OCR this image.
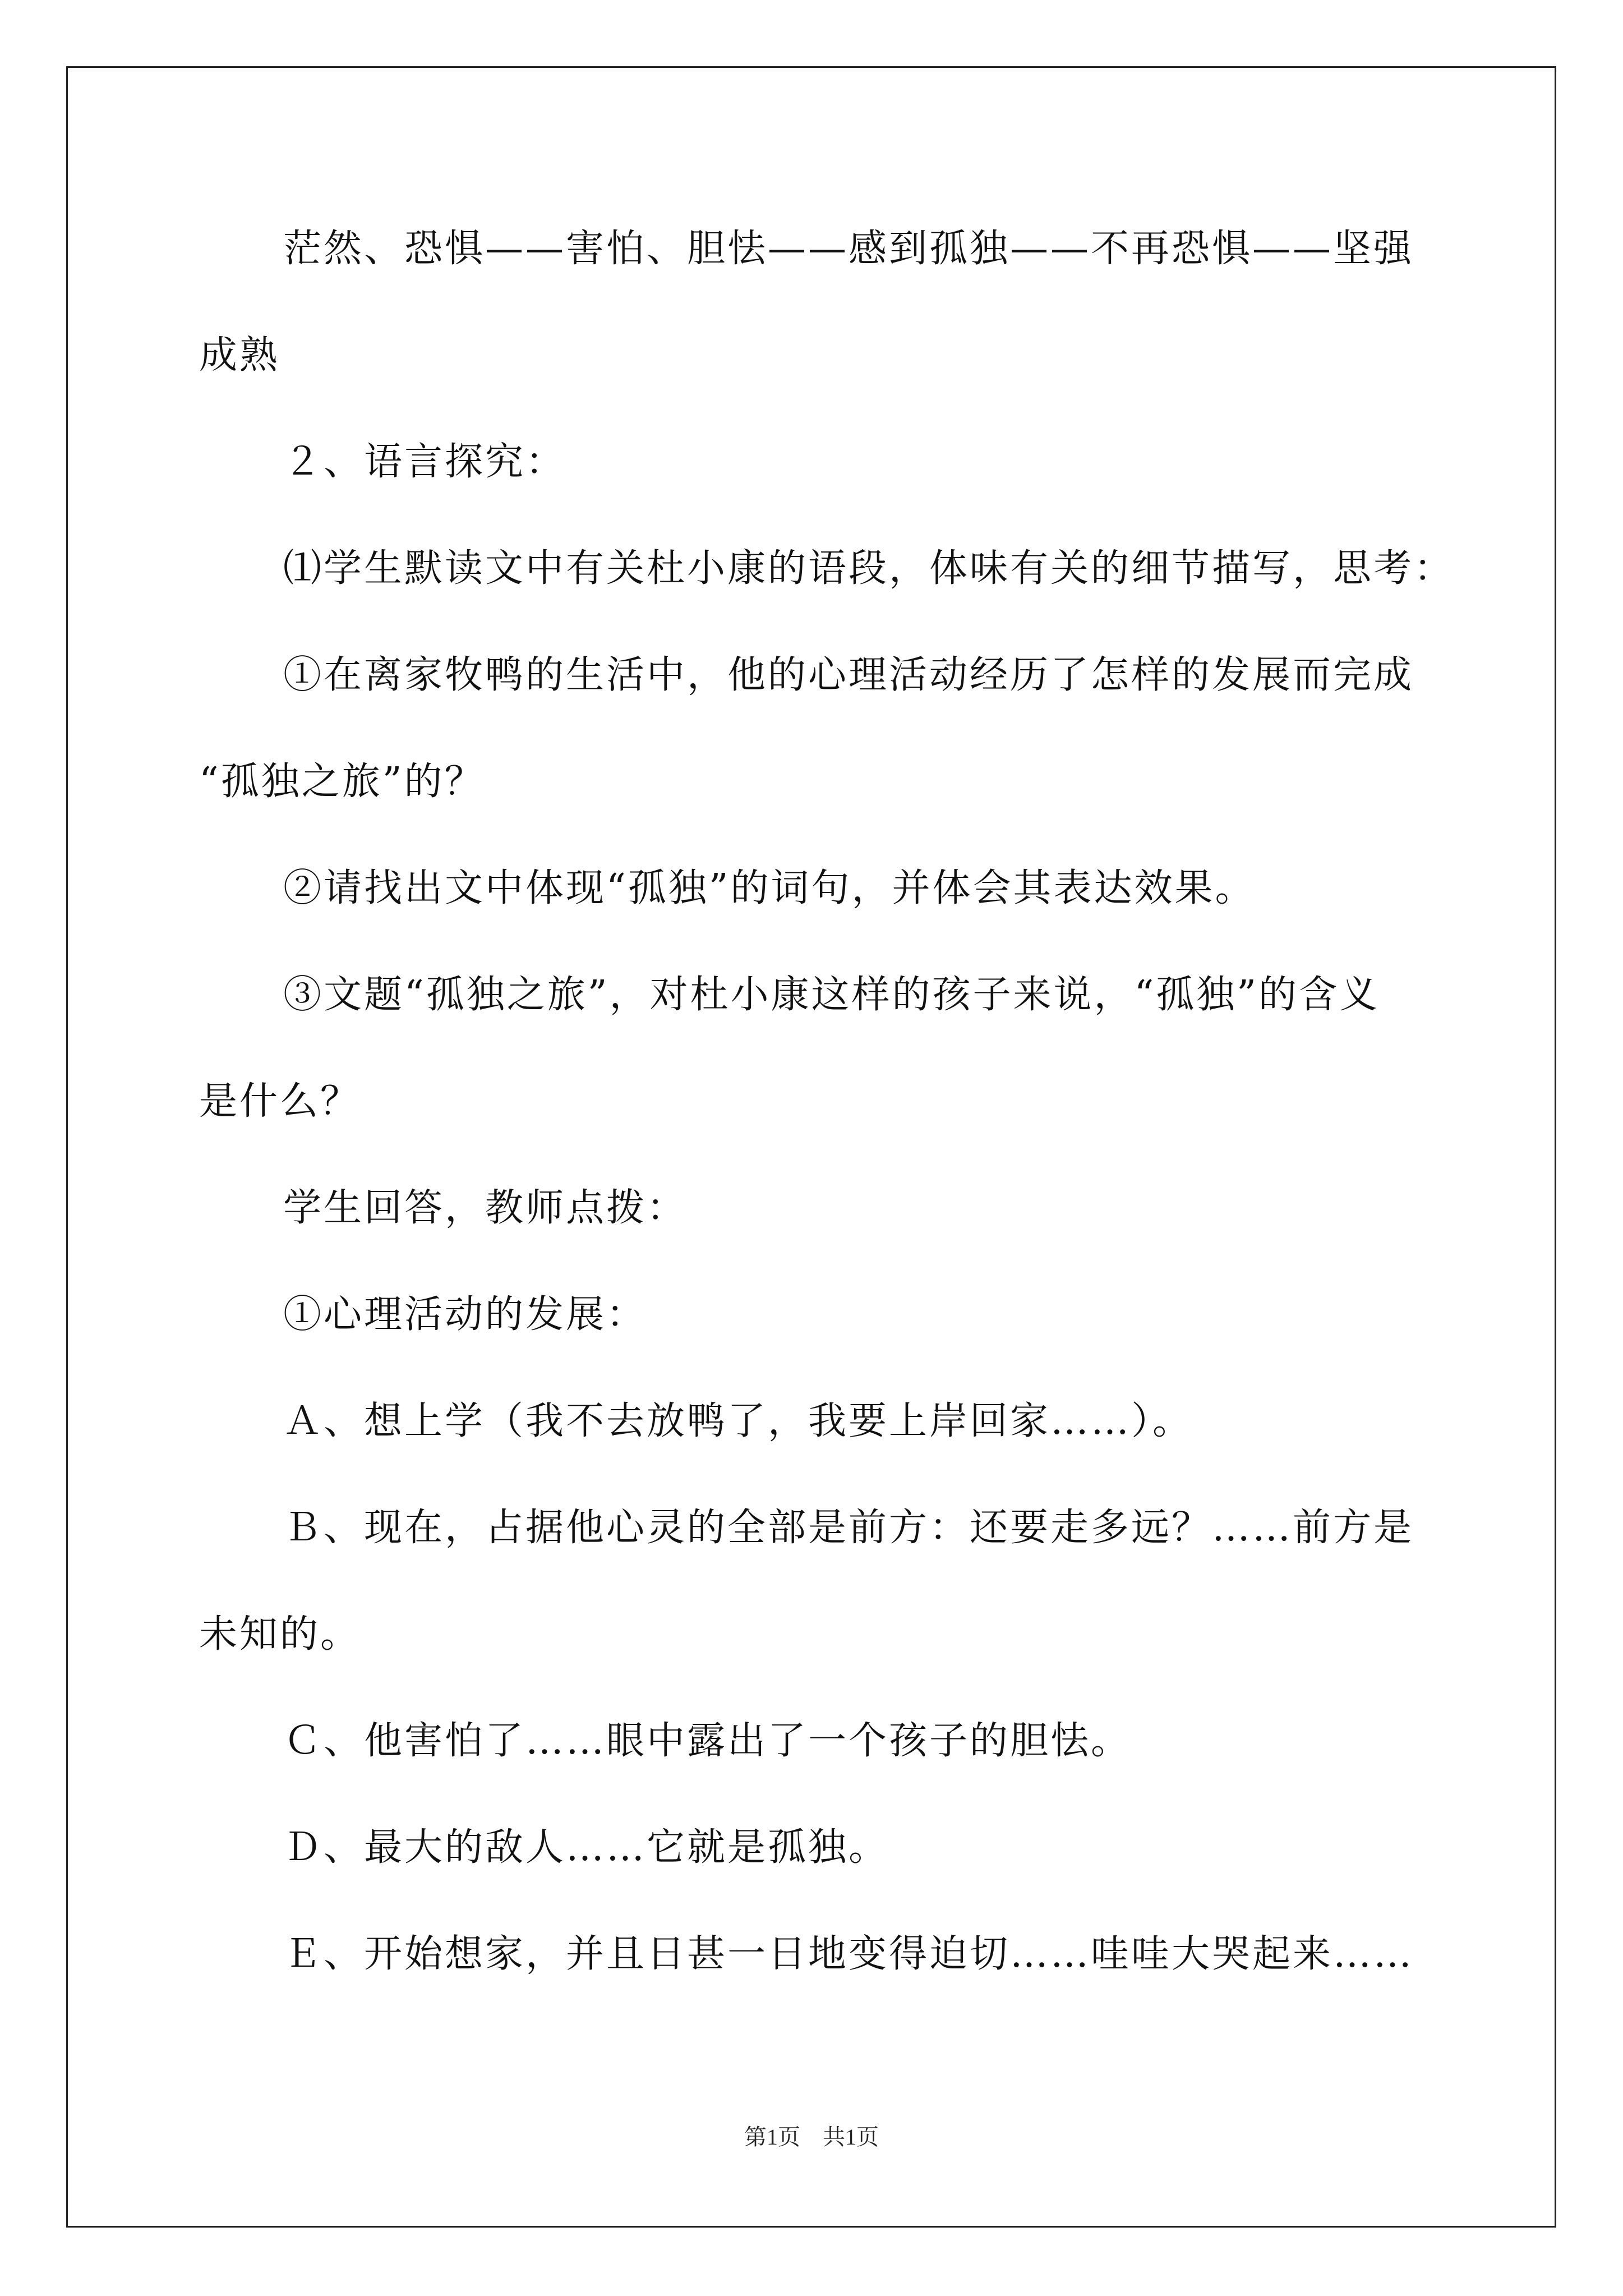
茫然、恐惧——害怕、胆怯——感到孤独——不再恐惧——坚强
成熟
２、语言探究：
⑴学生默读文中有关杜小康的语段，体味有关的细节描写，思考：
①在离家牧鸭的生活中，他的心理活动经历了怎样的发展而完成
“孤独之旅”的？
②请找出文中体现“孤独”的词句，并体会其表达效果。
③文题“孤独之旅”，对杜小康这样的孩子来说，“孤独”的含义
是什么？
学生回答，教师点拨：
①心理活动的发展：
Ａ、想上学（我不去放鸭了，我要上岸回家……）。
Ｂ、现在，占据他心灵的全部是前方：还要走多远？……前方是
未知的。
Ｃ、他害怕了……眼中露出了一个孩子的胆怯。
Ｄ、最大的敌人……它就是孤独。
Ｅ、开始想家，并且日甚一日地变得迫切……哇哇大哭起来……
第1页　共1页
